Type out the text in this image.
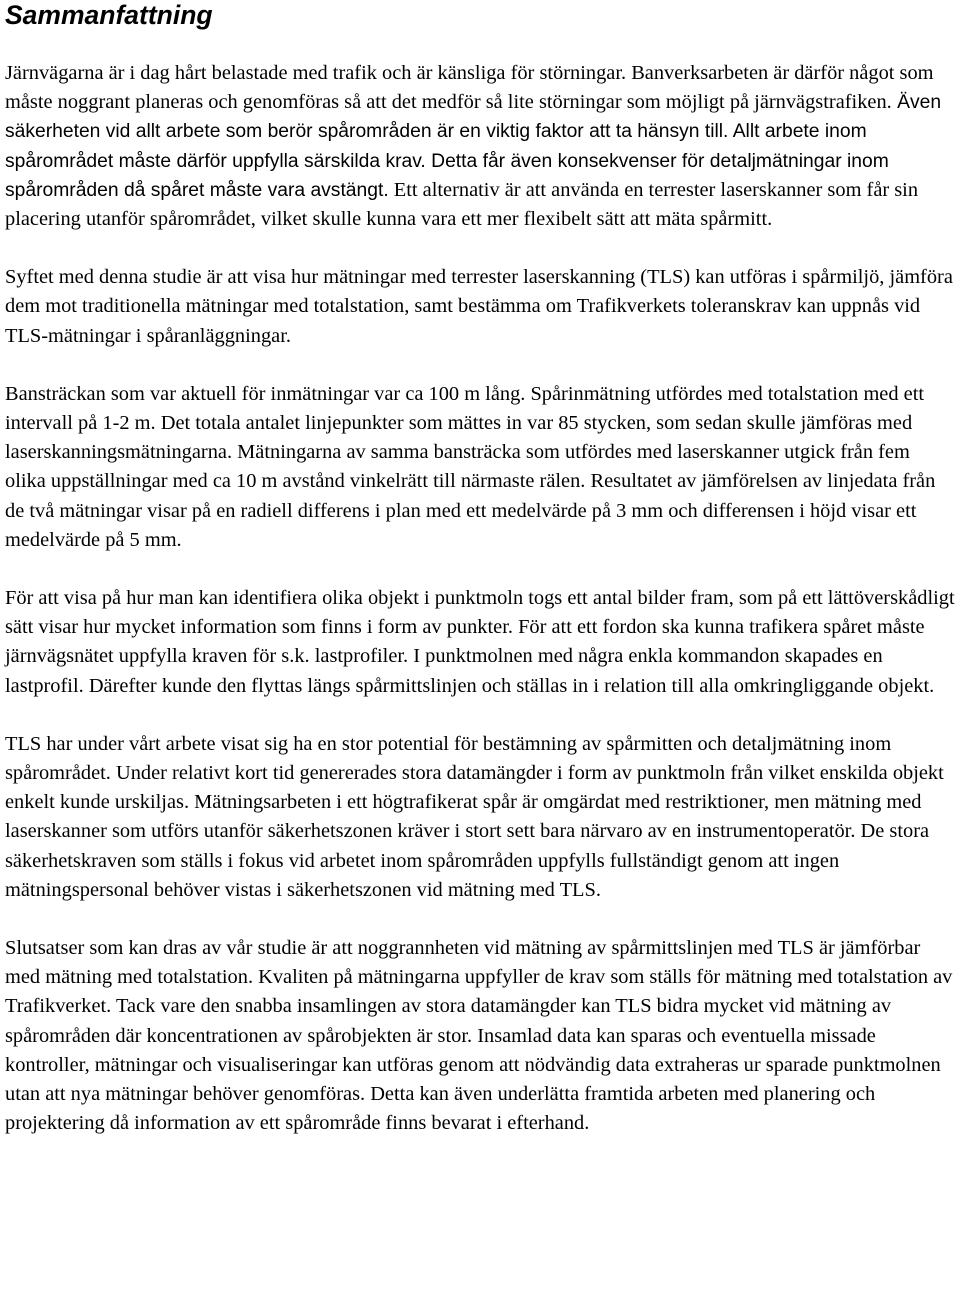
Sammanfattning

Järnvägarna är i dag hårt belastade med trafik och är känsliga för störningar. Banverksarbeten är därför något som måste noggrant planeras och genomföras så att det medför så lite störningar som möjligt på järnvägstrafiken. Även säkerheten vid allt arbete som berör spårområden är en viktig faktor att ta hänsyn till. Allt arbete inom spårområdet måste därför uppfylla särskilda krav. Detta får även konsekvenser för detaljmätningar inom spårområden då spåret måste vara avstängt. Ett alternativ är att använda en terrester laserskanner som får sin placering utanför spårområdet, vilket skulle kunna vara ett mer flexibelt sätt att mäta spårmitt.

Syftet med denna studie är att visa hur mätningar med terrester laserskanning (TLS) kan utföras i spårmiljö, jämföra dem mot traditionella mätningar med totalstation, samt bestämma om Trafikverkets toleranskrav kan uppnås vid TLS-mätningar i spåranläggningar.

Bansträckan som var aktuell för inmätningar var ca 100 m lång. Spårinmätning utfördes med totalstation med ett intervall på 1-2 m. Det totala antalet linjepunkter som mättes in var 85 stycken, som sedan skulle jämföras med laserskanningsmätningarna. Mätningarna av samma bansträcka som utfördes med laserskanner utgick från fem olika uppställningar med ca 10 m avstånd vinkelrätt till närmaste rälen. Resultatet av jämförelsen av linjedata från de två mätningar visar på en radiell differens i plan med ett medelvärde på 3 mm och differensen i höjd visar ett medelvärde på 5 mm.

För att visa på hur man kan identifiera olika objekt i punktmoln togs ett antal bilder fram, som på ett lättöverskådligt sätt visar hur mycket information som finns i form av punkter. För att ett fordon ska kunna trafikera spåret måste järnvägsnätet uppfylla kraven för s.k. lastprofiler. I punktmolnen med några enkla kommandon skapades en lastprofil. Därefter kunde den flyttas längs spårmittslinjen och ställas in i relation till alla omkringliggande objekt.

TLS har under vårt arbete visat sig ha en stor potential för bestämning av spårmitten och detaljmätning inom spårområdet. Under relativt kort tid genererades stora datamängder i form av punktmoln från vilket enskilda objekt enkelt kunde urskiljas. Mätningsarbeten i ett högtrafikerat spår är omgärdat med restriktioner, men mätning med laserskanner som utförs utanför säkerhetszonen kräver i stort sett bara närvaro av en instrumentoperatör. De stora säkerhetskraven som ställs i fokus vid arbetet inom spårområden uppfylls fullständigt genom att ingen mätningspersonal behöver vistas i säkerhetszonen vid mätning med TLS.

Slutsatser som kan dras av vår studie är att noggrannheten vid mätning av spårmittslinjen med TLS är jämförbar med mätning med totalstation. Kvaliten på mätningarna uppfyller de krav som ställs för mätning med totalstation av Trafikverket. Tack vare den snabba insamlingen av stora datamängder kan TLS bidra mycket vid mätning av spårområden där koncentrationen av spårobjekten är stor. Insamlad data kan sparas och eventuella missade kontroller, mätningar och visualiseringar kan utföras genom att nödvändig data extraheras ur sparade punktmolnen utan att nya mätningar behöver genomföras. Detta kan även underlätta framtida arbeten med planering och projektering då information av ett spårområde finns bevarat i efterhand.
